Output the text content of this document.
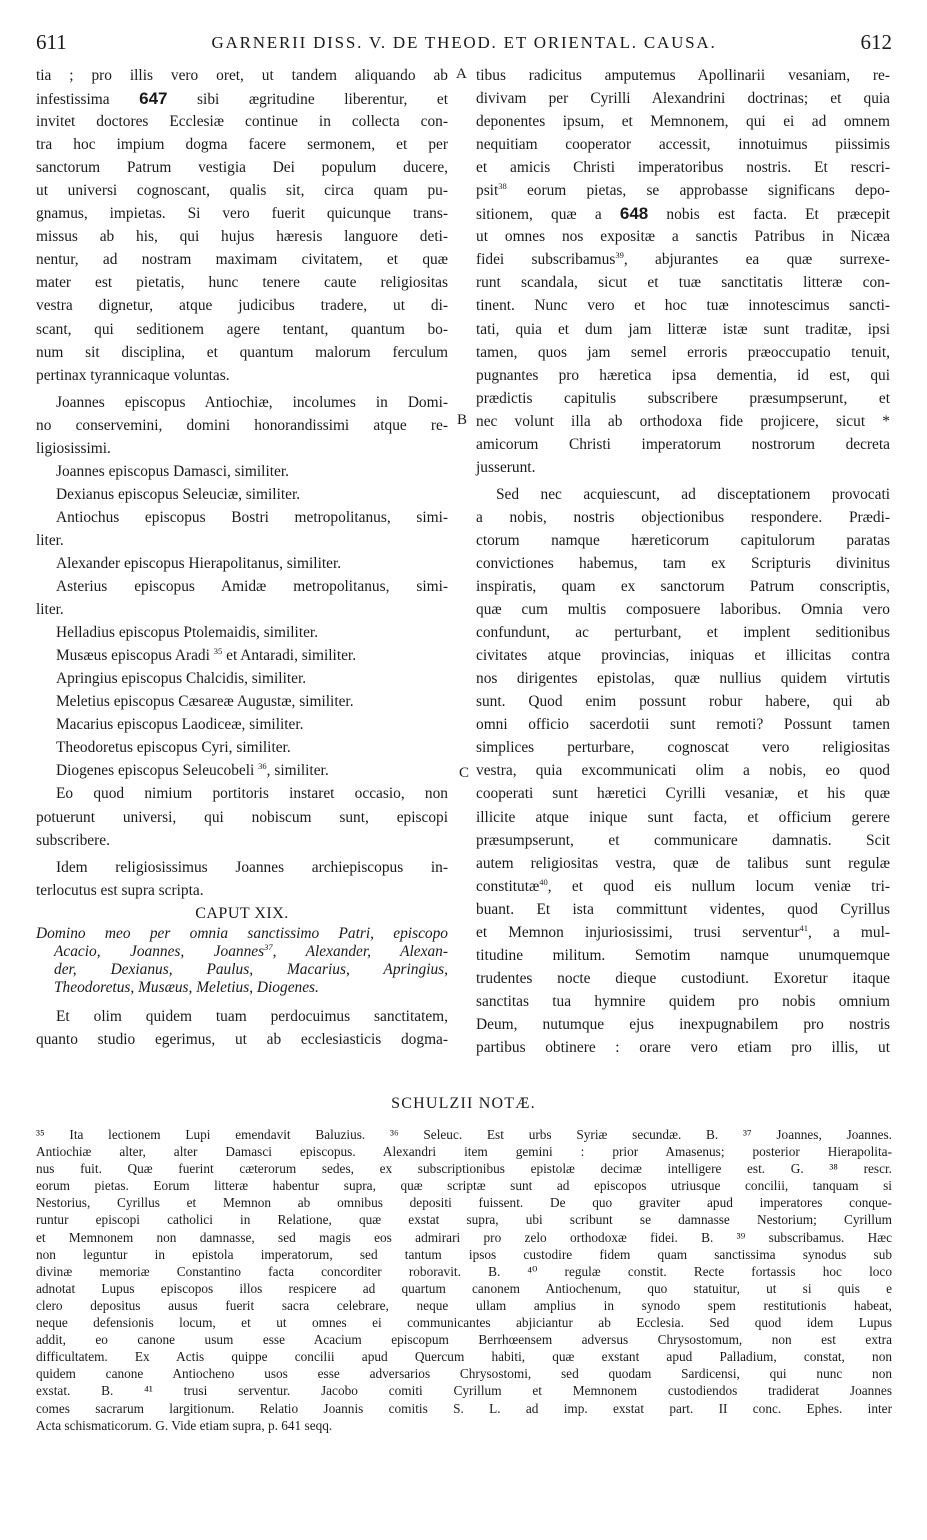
611	GARNERII DISS. V. DE THEOD. ET ORIENTAL. CAUSA.	612
A
B
C
tia ; pro illis vero oret, ut tandem aliquando ab
infestissima 647 sibi ægritudine liberentur, et
invitet doctores Ecclesiæ continue in collecta con-
tra hoc impium dogma facere sermonem, et per
sanctorum Patrum vestigia Dei populum ducere,
ut universi cognoscant, qualis sit, circa quam pu-
gnamus, impietas. Si vero fuerit quicunque trans-
missus ab his, qui hujus hæresis languore deti-
nentur, ad nostram maximam civitatem, et quæ
mater est pietatis, hunc tenere caute religiositas
vestra dignetur, atque judicibus tradere, ut di-
scant, qui seditionem agere tentant, quantum bo-
num sit disciplina, et quantum malorum ferculum
pertinax tyrannicaque voluntas.
Joannes episcopus Antiochiæ, incolumes in Domi-
no conservemini, domini honorandissimi atque re-
ligiosissimi.
Joannes episcopus Damasci, similiter.
Dexianus episcopus Seleuciæ, similiter.
Antiochus episcopus Bostri metropolitanus, simi-
liter.
Alexander episcopus Hierapolitanus, similiter.
Asterius episcopus Amidæ metropolitanus, simi-
liter.
Helladius episcopus Ptolemaidis, similiter.
Musæus episcopus Aradi $^{35}$ et Antaradi, similiter.
Apringius episcopus Chalcidis, similiter.
Meletius episcopus Cæsareæ Augustæ, similiter.
Macarius episcopus Laodiceæ, similiter.
Theodoretus episcopus Cyri, similiter.
Diogenes episcopus Seleucobeli $^{36}$, similiter.
Eo quod nimium portitoris instaret occasio, non
potuerunt universi, qui nobiscum sunt, episcopi
subscribere.
Idem religiosissimus Joannes archiepiscopus in-
terlocutus est supra scripta.
CAPUT XIX.
Domino meo per omnia sanctissimo Patri, episcopo
Acacio, Joannes, Joannes$^{37}$, Alexander, Alexan-
der, Dexianus, Paulus, Macarius, Apringius,
Theodoretus, Musæus, Meletius, Diogenes.
Et olim quidem tuam perdocuimus sanctitatem,
quanto studio egerimus, ut ab ecclesiasticis dogma-
tibus radicitus amputemus Apollinarii vesaniam, re-
divivam per Cyrilli Alexandrini doctrinas; et quia
deponentes ipsum, et Memnonem, qui ei ad omnem
nequitiam cooperator accessit, innotuimus piissimis
et amicis Christi imperatoribus nostris. Et rescri-
psit$^{38}$ eorum pietas, se approbasse significans depo-
sitionem, quæ a 648 nobis est facta. Et præcepit
ut omnes nos expositæ a sanctis Patribus in Nicæa
fidei subscribamus$^{39}$, abjurantes ea quæ surrexe-
runt scandala, sicut et tuæ sanctitatis litteræ con-
tinent. Nunc vero et hoc tuæ innotescimus sancti-
tati, quia et dum jam litteræ istæ sunt traditæ, ipsi
tamen, quos jam semel erroris præoccupatio tenuit,
pugnantes pro hæretica ipsa dementia, id est, qui
prædictis capitulis subscribere præsumpserunt, et
nec volunt illa ab orthodoxa fide projicere, sicut *
amicorum Christi imperatorum nostrorum decreta
jusserunt.
Sed nec acquiescunt, ad disceptationem provocati
a nobis, nostris objectionibus respondere. Prædi-
ctorum namque hæreticorum capitulorum paratas
convictiones habemus, tam ex Scripturis divinitus
inspiratis, quam ex sanctorum Patrum conscriptis,
quæ cum multis composuere laboribus. Omnia vero
confundunt, ac perturbant, et implent seditionibus
civitates atque provincias, iniquas et illicitas contra
nos dirigentes epistolas, quæ nullius quidem virtutis
sunt. Quod enim possunt robur habere, qui ab
omni officio sacerdotii sunt remoti? Possunt tamen
simplices perturbare, cognoscat vero religiositas
vestra, quia excommunicati olim a nobis, eo quod
cooperati sunt hæretici Cyrilli vesaniæ, et his quæ
illicite atque inique sunt facta, et officium gerere
præsumpserunt, et communicare damnatis. Scit
autem religiositas vestra, quæ de talibus sunt regulæ
constitutæ$^{40}$, et quod eis nullum locum veniæ tri-
buant. Et ista committunt videntes, quod Cyrillus
et Memnon injuriosissimi, trusi serventur$^{41}$, a mul-
titudine militum. Semotim namque unumquemque
trudentes nocte dieque custodiunt. Exoretur itaque
sanctitas tua hymnire quidem pro nobis omnium
Deum, nutumque ejus inexpugnabilem pro nostris
partibus obtinere : orare vero etiam pro illis, ut
SCHULZII NOTÆ.
³⁵ Ita lectionem Lupi emendavit Baluzius. ³⁶ Seleuc. Est urbs Syriæ secundæ. B. ³⁷ Joannes, Joannes.
Antiochiæ alter, alter Damasci episcopus. Alexandri item gemini : prior Amasenus; posterior Hierapolita-
nus fuit. Quæ fuerint cæterorum sedes, ex subscriptionibus epistolæ decimæ intelligere est. G. ³⁸ rescr.
eorum pietas. Eorum litteræ habentur supra, quæ scriptæ sunt ad episcopos utriusque concilii, tanquam si
Nestorius, Cyrillus et Memnon ab omnibus depositi fuissent. De quo graviter apud imperatores conque-
runtur episcopi catholici in Relatione, quæ exstat supra, ubi scribunt se damnasse Nestorium; Cyrillum
et Memnonem non damnasse, sed magis eos admirari pro zelo orthodoxæ fidei. B. ³⁹ subscribamus. Hæc
non leguntur in epistola imperatorum, sed tantum ipsos custodire fidem quam sanctissima synodus sub
divinæ memoriæ Constantino facta concorditer roboravit. B. ⁴⁰ regulæ constit. Recte fortassis hoc loco
adnotat Lupus episcopos illos respicere ad quartum canonem Antiochenum, quo statuitur, ut si quis e
clero depositus ausus fuerit sacra celebrare, neque ullam amplius in synodo spem restitutionis habeat,
neque defensionis locum, et ut omnes ei communicantes abjiciantur ab Ecclesia. Sed quod idem Lupus
addit, eo canone usum esse Acacium episcopum Berrhœensem adversus Chrysostomum, non est extra
difficultatem. Ex Actis quippe concilii apud Quercum habiti, quæ exstant apud Palladium, constat, non
quidem canone Antiocheno usos esse adversarios Chrysostomi, sed quodam Sardicensi, qui nunc non
exstat. B. ⁴¹ trusi serventur. Jacobo comiti Cyrillum et Memnonem custodiendos tradiderat Joannes
comes sacrarum largitionum. Relatio Joannis comitis S. L. ad imp. exstat part. II conc. Ephes. inter
Acta schismaticorum. G. Vide etiam supra, p. 641 seqq.
